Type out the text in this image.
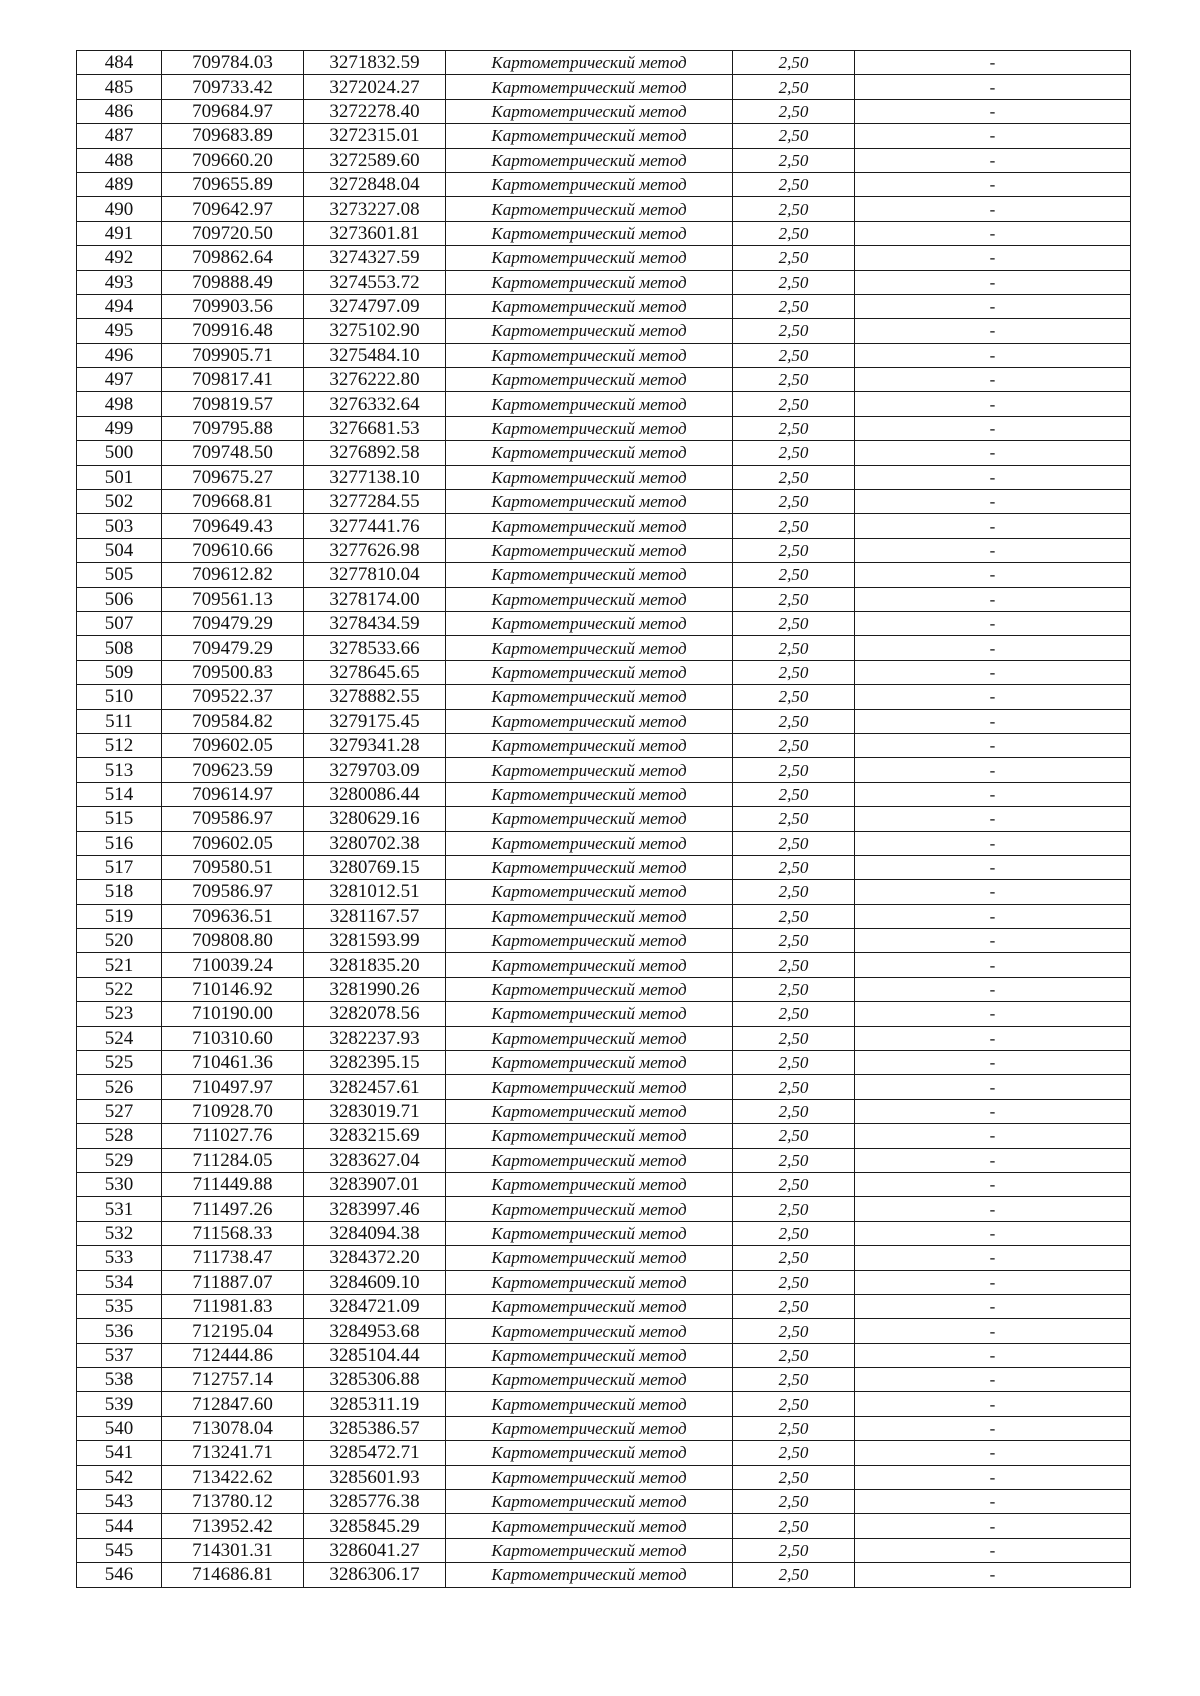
484	709784.03	3271832.59	Картометрический метод	2,50	-
485	709733.42	3272024.27	Картометрический метод	2,50	-
486	709684.97	3272278.40	Картометрический метод	2,50	-
487	709683.89	3272315.01	Картометрический метод	2,50	-
488	709660.20	3272589.60	Картометрический метод	2,50	-
489	709655.89	3272848.04	Картометрический метод	2,50	-
490	709642.97	3273227.08	Картометрический метод	2,50	-
491	709720.50	3273601.81	Картометрический метод	2,50	-
492	709862.64	3274327.59	Картометрический метод	2,50	-
493	709888.49	3274553.72	Картометрический метод	2,50	-
494	709903.56	3274797.09	Картометрический метод	2,50	-
495	709916.48	3275102.90	Картометрический метод	2,50	-
496	709905.71	3275484.10	Картометрический метод	2,50	-
497	709817.41	3276222.80	Картометрический метод	2,50	-
498	709819.57	3276332.64	Картометрический метод	2,50	-
499	709795.88	3276681.53	Картометрический метод	2,50	-
500	709748.50	3276892.58	Картометрический метод	2,50	-
501	709675.27	3277138.10	Картометрический метод	2,50	-
502	709668.81	3277284.55	Картометрический метод	2,50	-
503	709649.43	3277441.76	Картометрический метод	2,50	-
504	709610.66	3277626.98	Картометрический метод	2,50	-
505	709612.82	3277810.04	Картометрический метод	2,50	-
506	709561.13	3278174.00	Картометрический метод	2,50	-
507	709479.29	3278434.59	Картометрический метод	2,50	-
508	709479.29	3278533.66	Картометрический метод	2,50	-
509	709500.83	3278645.65	Картометрический метод	2,50	-
510	709522.37	3278882.55	Картометрический метод	2,50	-
511	709584.82	3279175.45	Картометрический метод	2,50	-
512	709602.05	3279341.28	Картометрический метод	2,50	-
513	709623.59	3279703.09	Картометрический метод	2,50	-
514	709614.97	3280086.44	Картометрический метод	2,50	-
515	709586.97	3280629.16	Картометрический метод	2,50	-
516	709602.05	3280702.38	Картометрический метод	2,50	-
517	709580.51	3280769.15	Картометрический метод	2,50	-
518	709586.97	3281012.51	Картометрический метод	2,50	-
519	709636.51	3281167.57	Картометрический метод	2,50	-
520	709808.80	3281593.99	Картометрический метод	2,50	-
521	710039.24	3281835.20	Картометрический метод	2,50	-
522	710146.92	3281990.26	Картометрический метод	2,50	-
523	710190.00	3282078.56	Картометрический метод	2,50	-
524	710310.60	3282237.93	Картометрический метод	2,50	-
525	710461.36	3282395.15	Картометрический метод	2,50	-
526	710497.97	3282457.61	Картометрический метод	2,50	-
527	710928.70	3283019.71	Картометрический метод	2,50	-
528	711027.76	3283215.69	Картометрический метод	2,50	-
529	711284.05	3283627.04	Картометрический метод	2,50	-
530	711449.88	3283907.01	Картометрический метод	2,50	-
531	711497.26	3283997.46	Картометрический метод	2,50	-
532	711568.33	3284094.38	Картометрический метод	2,50	-
533	711738.47	3284372.20	Картометрический метод	2,50	-
534	711887.07	3284609.10	Картометрический метод	2,50	-
535	711981.83	3284721.09	Картометрический метод	2,50	-
536	712195.04	3284953.68	Картометрический метод	2,50	-
537	712444.86	3285104.44	Картометрический метод	2,50	-
538	712757.14	3285306.88	Картометрический метод	2,50	-
539	712847.60	3285311.19	Картометрический метод	2,50	-
540	713078.04	3285386.57	Картометрический метод	2,50	-
541	713241.71	3285472.71	Картометрический метод	2,50	-
542	713422.62	3285601.93	Картометрический метод	2,50	-
543	713780.12	3285776.38	Картометрический метод	2,50	-
544	713952.42	3285845.29	Картометрический метод	2,50	-
545	714301.31	3286041.27	Картометрический метод	2,50	-
546	714686.81	3286306.17	Картометрический метод	2,50	-
